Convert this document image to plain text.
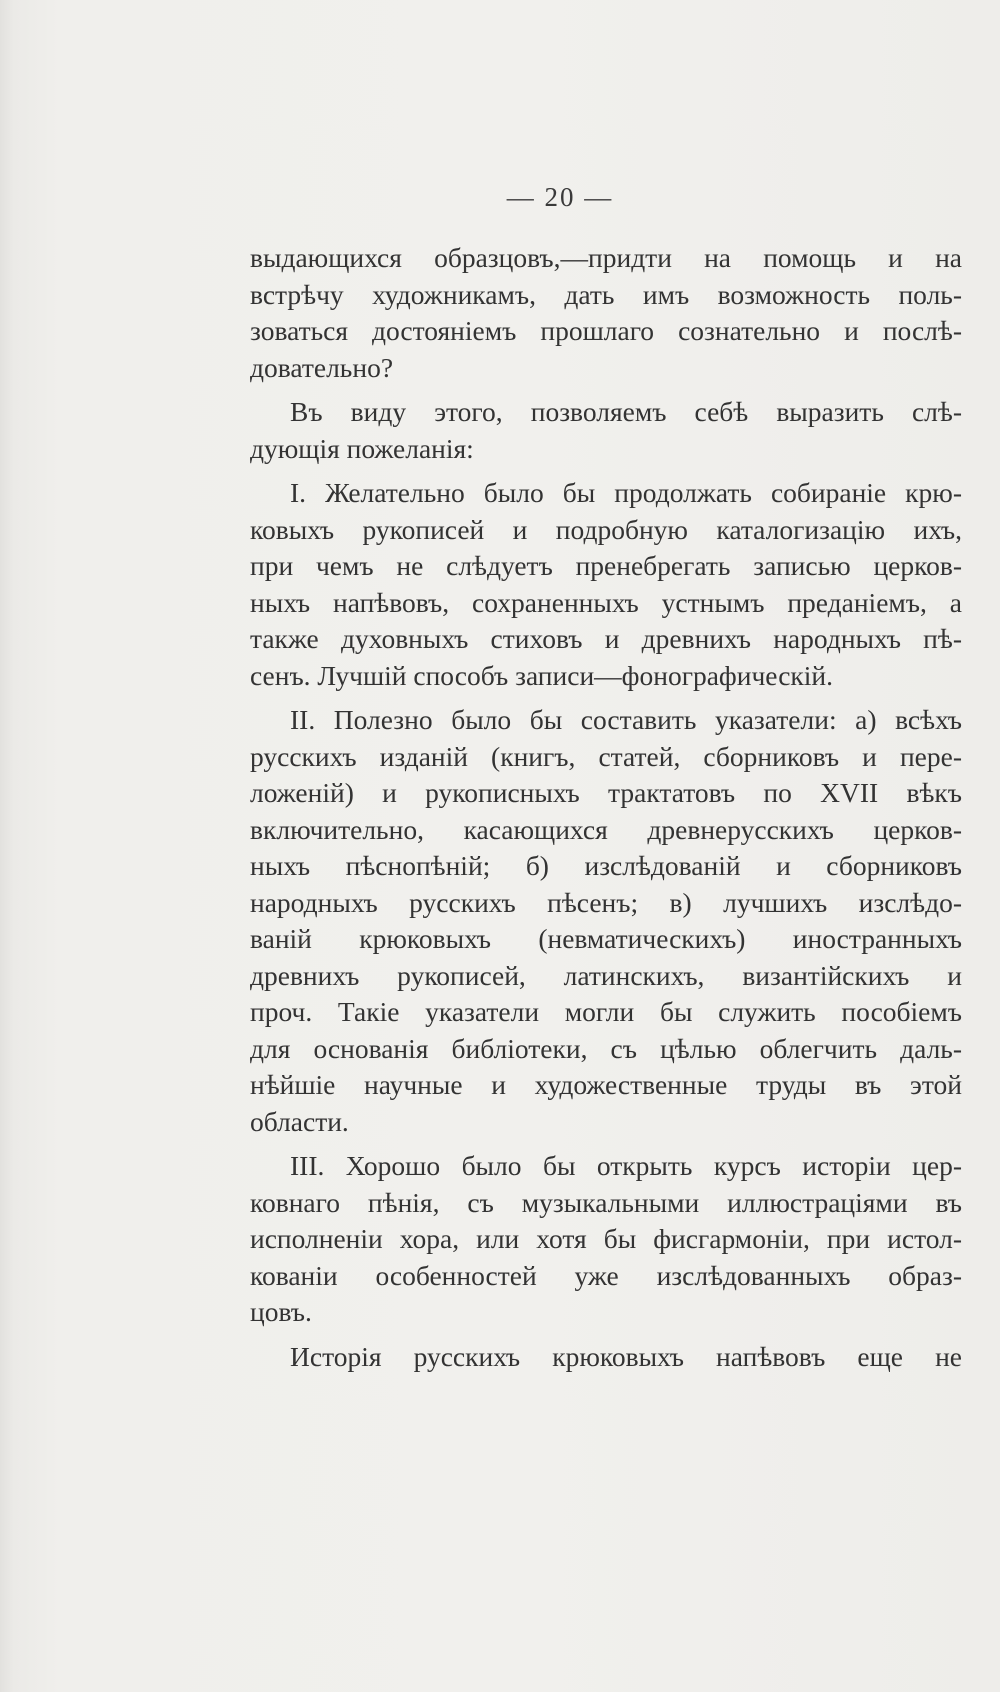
— 20 —
выдающихся образцовъ,—придти на помощь и на
встрѣчу художникамъ, дать имъ возможность поль-
зоваться достояніемъ прошлаго сознательно и послѣ-
довательно?
Въ виду этого, позволяемъ себѣ выразить слѣ-
дующія пожеланія:
I. Желательно было бы продолжать собираніе крю-
ковыхъ рукописей и подробную каталогизацію ихъ,
при чемъ не слѣдуетъ пренебрегать записью церков-
ныхъ напѣвовъ, сохраненныхъ устнымъ преданіемъ, а
также духовныхъ стиховъ и древнихъ народныхъ пѣ-
сенъ. Лучшій способъ записи—фонографическій.
II. Полезно было бы составить указатели: а) всѣхъ
русскихъ изданій (книгъ, статей, сборниковъ и пере-
ложеній) и рукописныхъ трактатовъ по XVII вѣкъ
включительно, касающихся древнерусскихъ церков-
ныхъ пѣснопѣній; б) изслѣдованій и сборниковъ
народныхъ русскихъ пѣсенъ; в) лучшихъ изслѣдо-
ваній крюковыхъ (невматическихъ) иностранныхъ
древнихъ рукописей, латинскихъ, византійскихъ и
проч. Такіе указатели могли бы служить пособіемъ
для основанія библіотеки, съ цѣлью облегчить даль-
нѣйшіе научные и художественные труды въ этой
области.
III. Хорошо было бы открыть курсъ исторіи цер-
ковнаго пѣнія, съ музыкальными иллюстраціями въ
исполненіи хора, или хотя бы фисгармоніи, при истол-
кованіи особенностей уже изслѣдованныхъ образ-
цовъ.
Исторія русскихъ крюковыхъ напѣвовъ еще не
